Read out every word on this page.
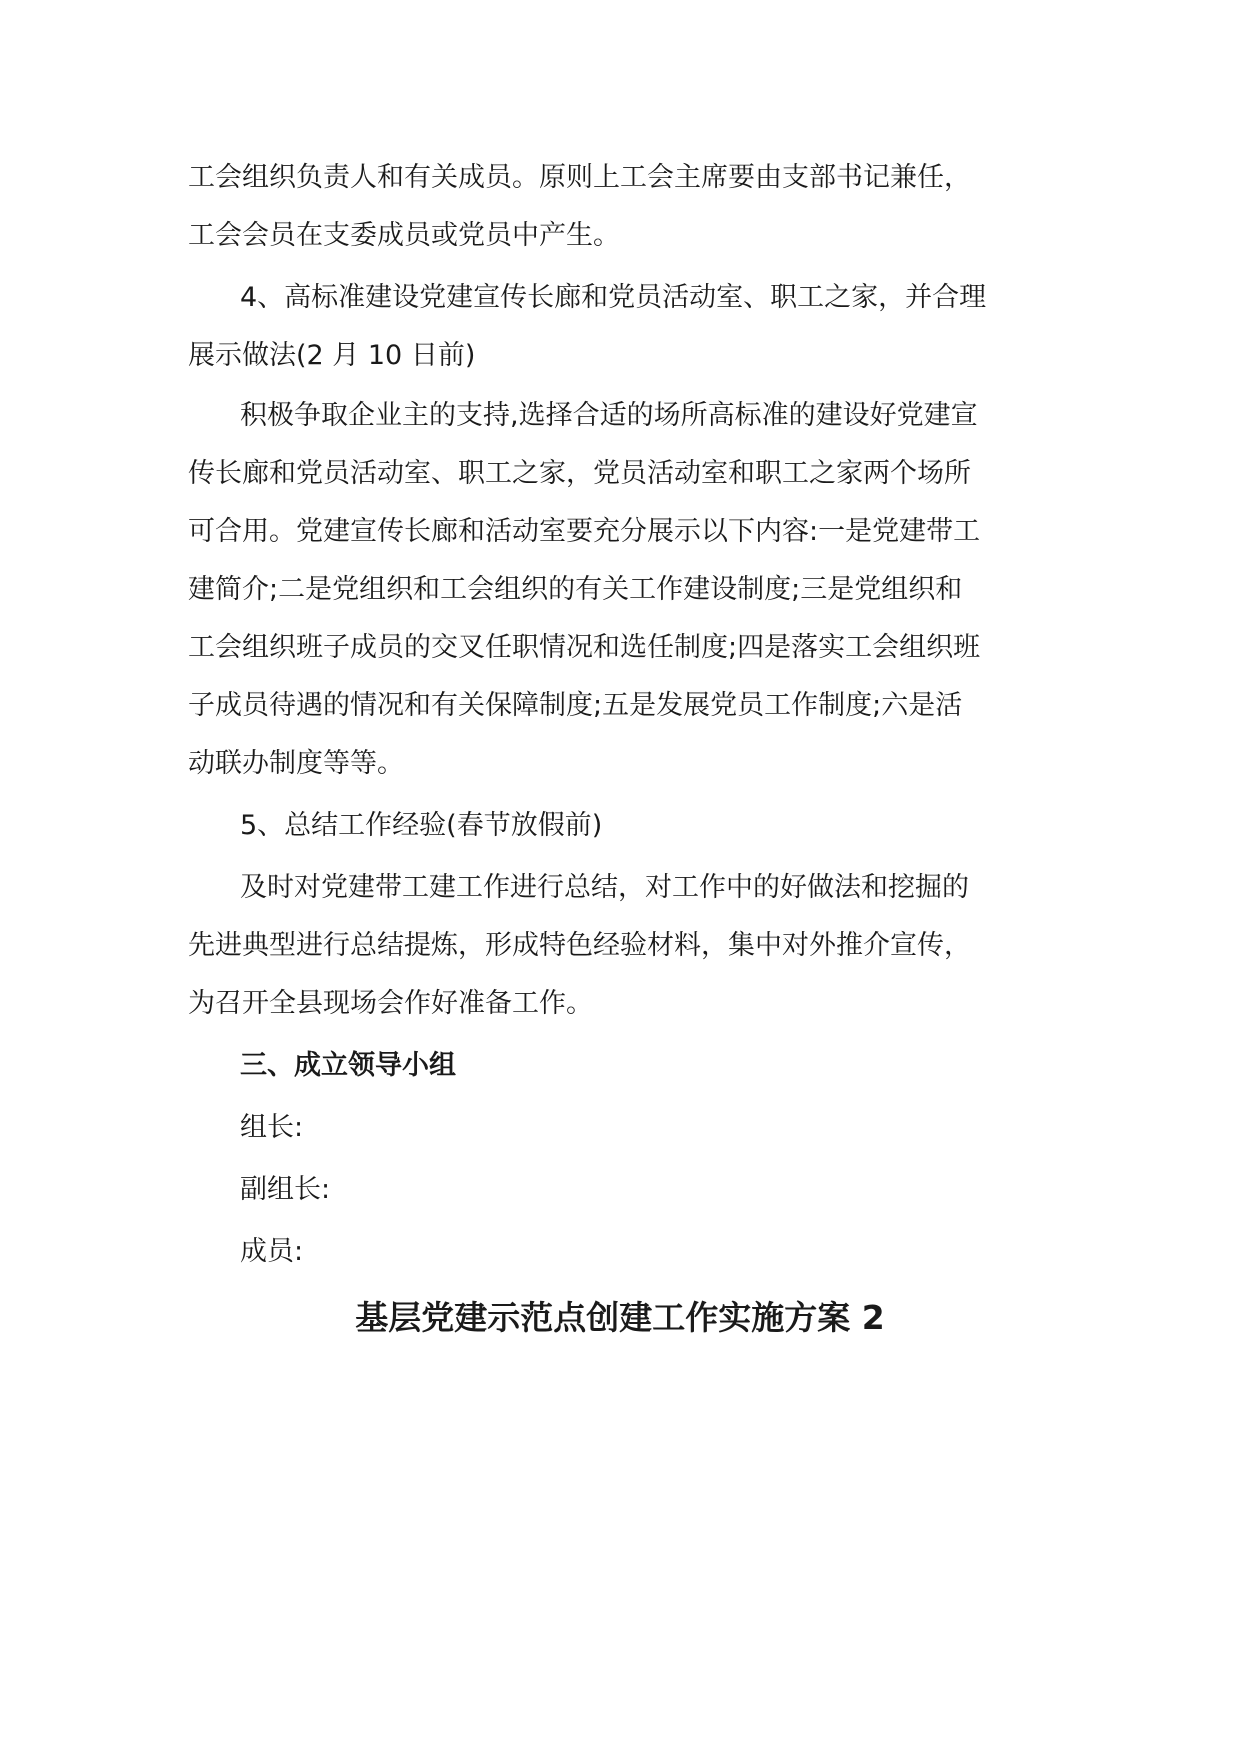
工会组织负责人和有关成员。原则上工会主席要由支部书记兼任，
工会会员在支委成员或党员中产生。
4、高标准建设党建宣传长廊和党员活动室、职工之家，并合理
展示做法(2 月 10 日前)
积极争取企业主的支持,选择合适的场所高标准的建设好党建宣
传长廊和党员活动室、职工之家，党员活动室和职工之家两个场所
可合用。党建宣传长廊和活动室要充分展示以下内容:一是党建带工
建简介;二是党组织和工会组织的有关工作建设制度;三是党组织和
工会组织班子成员的交叉任职情况和选任制度;四是落实工会组织班
子成员待遇的情况和有关保障制度;五是发展党员工作制度;六是活
动联办制度等等。
5、总结工作经验(春节放假前)
及时对党建带工建工作进行总结，对工作中的好做法和挖掘的
先进典型进行总结提炼，形成特色经验材料，集中对外推介宣传，
为召开全县现场会作好准备工作。
三、成立领导小组
组长:
副组长:
成员:
基层党建示范点创建工作实施方案 2
